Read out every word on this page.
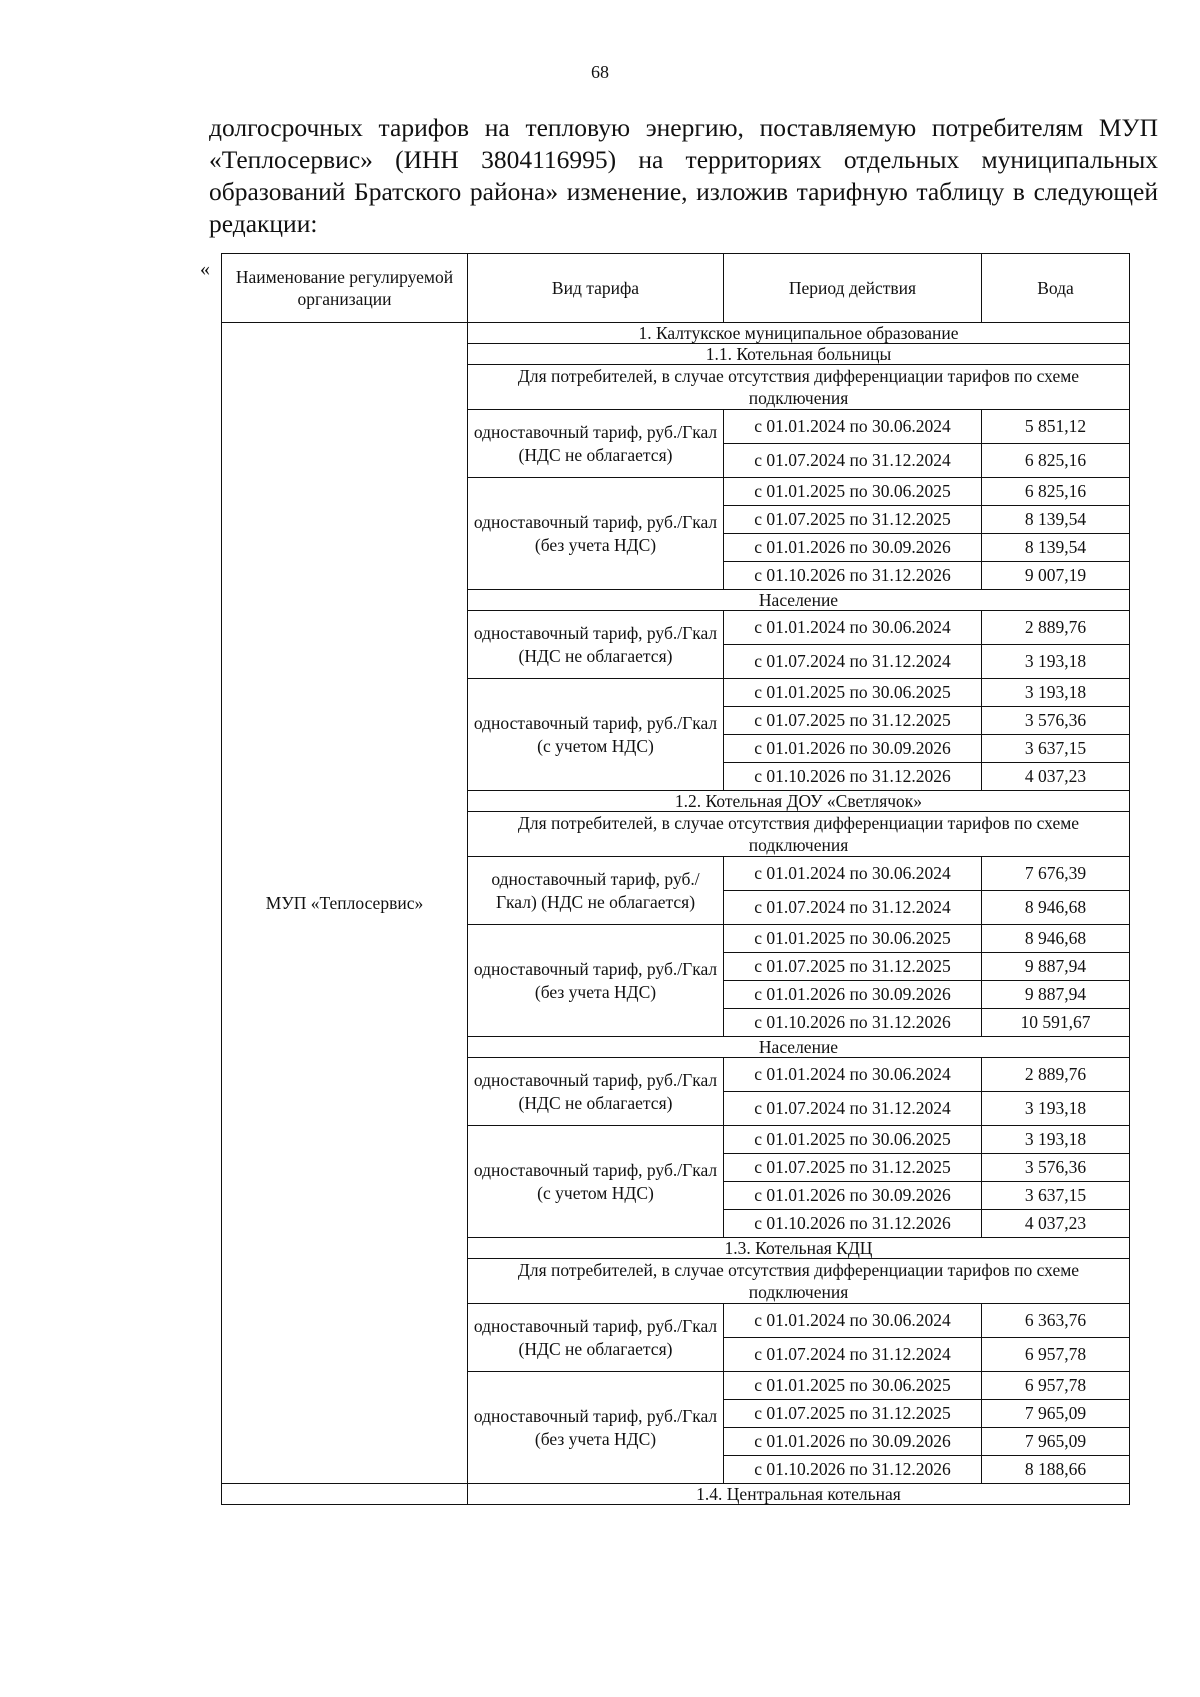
68
долгосрочных тарифов на тепловую энергию, поставляемую потребителям МУП «Теплосервис» (ИНН 3804116995) на территориях отдельных муниципальных образований Братского района» изменение, изложив тарифную таблицу в следующей редакции:
« Наименование регулируемой организации	Вид тарифа	Период действия	Вода
МУП «Теплосервис»	1. Калтукское муниципальное образование		
	1.1. Котельная больницы		
	Для потребителей, в случае отсутствия дифференциации тарифов по схеме подключения		
	одноставочный тариф, руб./Гкал (НДС не облагается)	с 01.01.2024 по 30.06.2024	5 851,12
		с 01.07.2024 по 31.12.2024	6 825,16
	одноставочный тариф, руб./Гкал (без учета НДС)	с 01.01.2025 по 30.06.2025	6 825,16
		с 01.07.2025 по 31.12.2025	8 139,54
		с 01.01.2026 по 30.09.2026	8 139,54
		с 01.10.2026 по 31.12.2026	9 007,19
	Население		
	одноставочный тариф, руб./Гкал (НДС не облагается)	с 01.01.2024 по 30.06.2024	2 889,76
		с 01.07.2024 по 31.12.2024	3 193,18
	одноставочный тариф, руб./Гкал (с учетом НДС)	с 01.01.2025 по 30.06.2025	3 193,18
		с 01.07.2025 по 31.12.2025	3 576,36
		с 01.01.2026 по 30.09.2026	3 637,15
		с 01.10.2026 по 31.12.2026	4 037,23
	1.2. Котельная ДОУ «Светлячок»		
	Для потребителей, в случае отсутствия дифференциации тарифов по схеме подключения		
	одноставочный тариф, руб./Гкал) (НДС не облагается)	с 01.01.2024 по 30.06.2024	7 676,39
		с 01.07.2024 по 31.12.2024	8 946,68
	одноставочный тариф, руб./Гкал (без учета НДС)	с 01.01.2025 по 30.06.2025	8 946,68
		с 01.07.2025 по 31.12.2025	9 887,94
		с 01.01.2026 по 30.09.2026	9 887,94
		с 01.10.2026 по 31.12.2026	10 591,67
	Население		
	одноставочный тариф, руб./Гкал (НДС не облагается)	с 01.01.2024 по 30.06.2024	2 889,76
		с 01.07.2024 по 31.12.2024	3 193,18
	одноставочный тариф, руб./Гкал (с учетом НДС)	с 01.01.2025 по 30.06.2025	3 193,18
		с 01.07.2025 по 31.12.2025	3 576,36
		с 01.01.2026 по 30.09.2026	3 637,15
		с 01.10.2026 по 31.12.2026	4 037,23
	1.3. Котельная КДЦ		
	Для потребителей, в случае отсутствия дифференциации тарифов по схеме подключения		
	одноставочный тариф, руб./Гкал (НДС не облагается)	с 01.01.2024 по 30.06.2024	6 363,76
		с 01.07.2024 по 31.12.2024	6 957,78
	одноставочный тариф, руб./Гкал (без учета НДС)	с 01.01.2025 по 30.06.2025	6 957,78
		с 01.07.2025 по 31.12.2025	7 965,09
		с 01.01.2026 по 30.09.2026	7 965,09
		с 01.10.2026 по 31.12.2026	8 188,66
	1.4. Центральная котельная		
